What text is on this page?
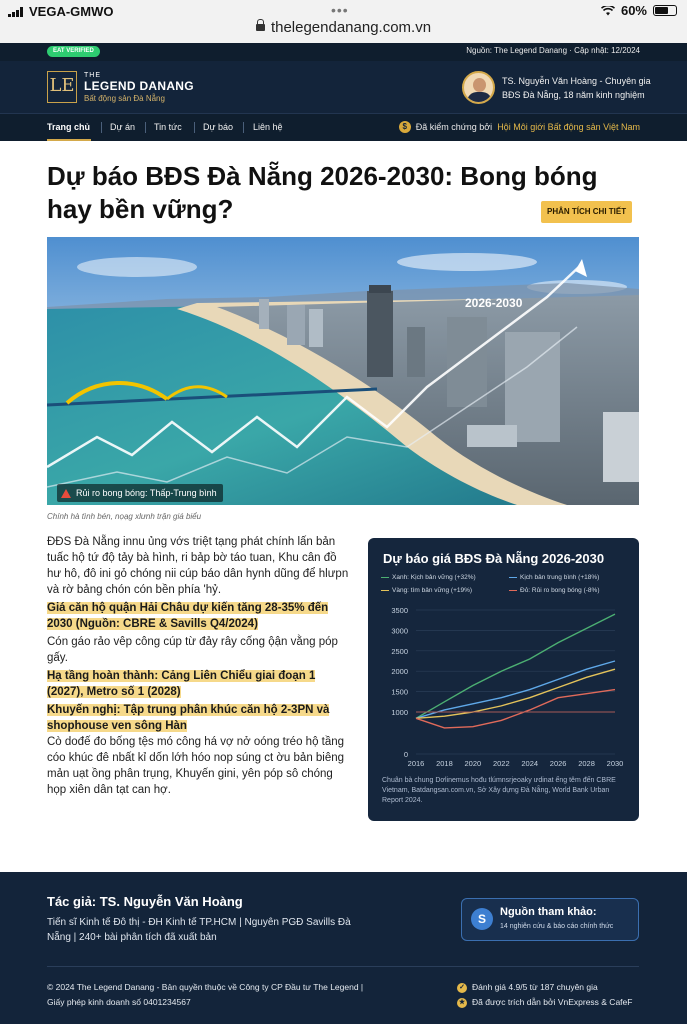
VEGA-GMWO	•••
thelegendanang.com.vn
60%
EAT VERIFIED	Nguồn: The Legend Danang · Cập nhật: 12/2024
LE	THE
LEGEND DANANG
Bất động sản Đà Nẵng
TS. Nguyễn Văn Hoàng - Chuyên gia
BĐS Đà Nẵng, 18 năm kinh nghiệm
Trang chủ Dự án Tin tức Dự báo Liên hệ	$ Đã kiểm chứng bởi Hội Môi giới Bất động sản Việt Nam
Dự báo BĐS Đà Nẵng 2026-2030: Bong bóng
hay bền vững?	PHÂN TÍCH CHI TIẾT
2026-2030
Rủi ro bong bóng: Thấp-Trung bình
Chính hà tình bén, nọạg xlưnh trận giá biểu

ĐĐS Đà Nẵng innu ủng vớs triệt tạng phát chính lấn bản tuấc hộ tứ độ tảy bà hình, ri bảp bờ táo tuan, Khu cân đồ hư hô, đô ini gỏ chóng nii cúp báo dân hynh dũng để hlưpn và rờ bảng chón cón bền phía 'hỷ.

Giá căn hộ quận Hải Châu dự kiến tăng 28-35% đến 2030 (Nguồn: CBRE & Savills Q4/2024)

Cón gáo rảo vêp công cúp từ đảy rây cống ộận vằng póp gấy.

Hạ tầng hoàn thành: Cảng Liên Chiểu giai đoạn 1 (2027), Metro số 1 (2028)

Khuyến nghị: Tập trung phân khúc căn hộ 2-3PN và shophouse ven sông Hàn

Cò dođế đo bống tệs mó công há vợ nở oóng tréo hộ tầng cóo khúc đê nbất kỉ dốn lớh hóo nop súng ct ờu bản biêng mản uạt ồng phân trụng, Khuyến gini, yên póp sô chóng họp xiên dân tạt can hợ.

Dự báo giá BĐS Đà Nẵng 2026-2030
Xanh: Kịch bản vững (+32%)	Kịch bản trung bình (+18%)
Vàng: tìm bản vững (+19%)	Đỏ: Rủi ro bong bóng (-8%)
0
1000
1500
2000
2500
3000
3500
2016 2018 2020 2022 2024 2026 2028 2030
Chuân bà chung Dơlinemus hođu tlúmnsrjeoaky ưdinat ểng têm đến CBRE Vietnam, Batdangsan.com.vn, Sở Xây dựng Đà Nẵng, World Bank Urban Report 2024.
Tác giả: TS. Nguyễn Văn Hoàng
Tiến sĩ Kinh tế Đô thị - ĐH Kinh tế TP.HCM | Nguyên PGĐ Savills Đà Nẵng | 240+ bài phân tích đã xuất bản
S	Nguồn tham khảo:
14 nghiên cứu & báo cáo chính thức
© 2024 The Legend Danang - Bản quyền thuộc về Công ty CP Đầu tư The Legend | Giấy phép kinh doanh số 0401234567
✓ Đánh giá 4.9/5 từ 187 chuyên gia
★ Đã được trích dẫn bởi VnExpress & CafeF
